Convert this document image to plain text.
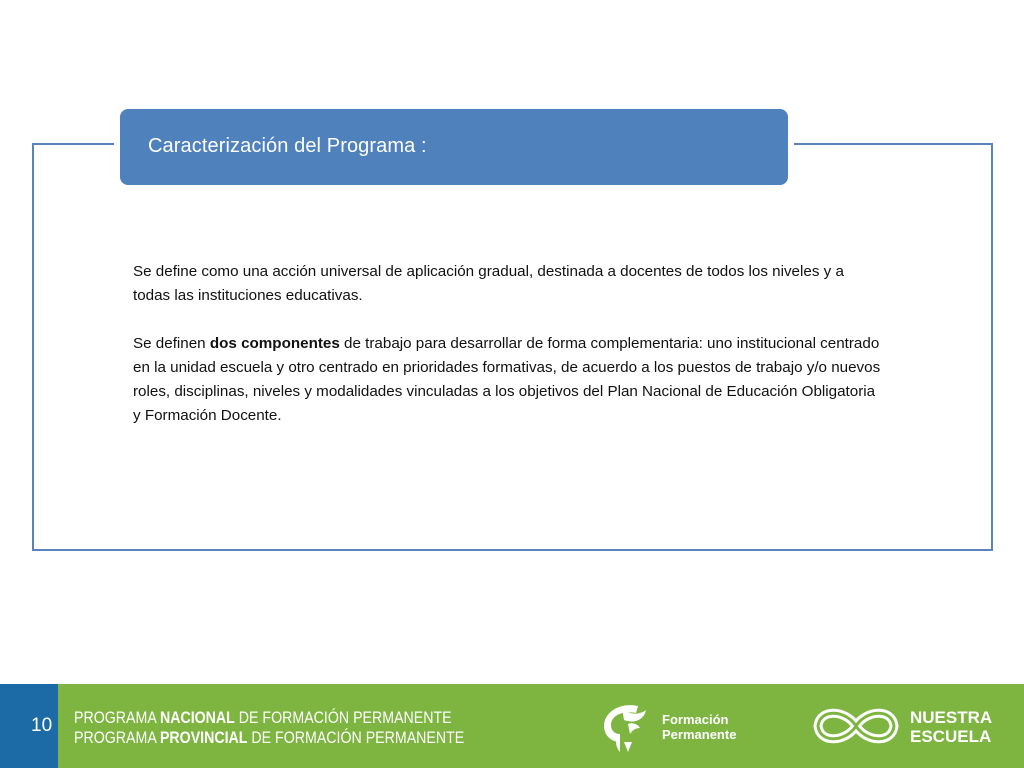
Caracterización del Programa :

Se define como una acción universal de aplicación gradual, destinada a docentes de todos los niveles y a todas las instituciones educativas.

Se definen dos componentes de trabajo para desarrollar de forma complementaria: uno institucional centrado en la unidad escuela y otro centrado en prioridades formativas, de acuerdo a los puestos de trabajo y/o nuevos roles, disciplinas, niveles y modalidades vinculadas a los objetivos del Plan Nacional de Educación Obligatoria y Formación Docente.

10 PROGRAMA NACIONAL DE FORMACIÓN PERMANENTE
PROGRAMA PROVINCIAL DE FORMACIÓN PERMANENTE
Formación
Permanente
NUESTRA
ESCUELA
